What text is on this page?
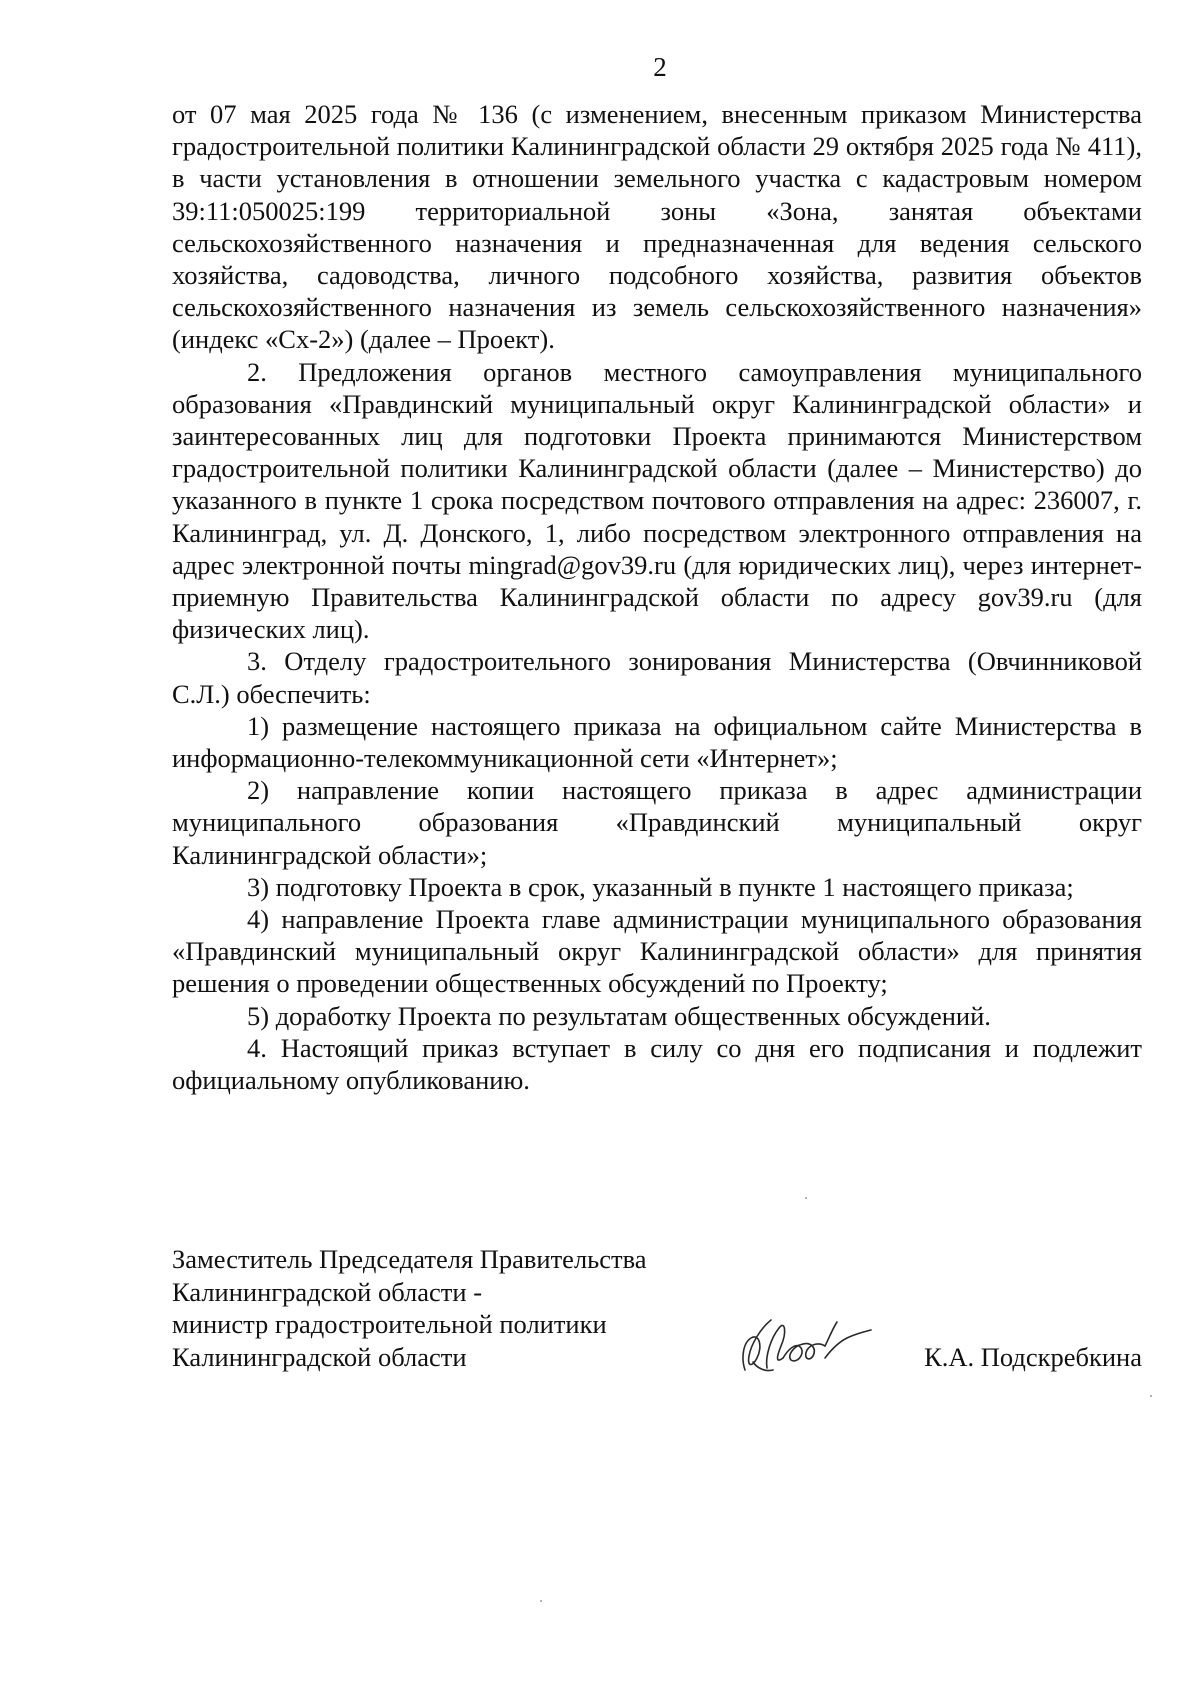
2

от 07 мая 2025 года № 136 (с изменением, внесенным приказом Министерства градостроительной политики Калининградской области 29 октября 2025 года № 411), в части установления в отношении земельного участка с кадастровым номером 39:11:050025:199 территориальной зоны «Зона, занятая объектами сельскохозяйственного назначения и предназначенная для ведения сельского хозяйства, садоводства, личного подсобного хозяйства, развития объектов сельскохозяйственного назначения из земель сельскохозяйственного назначения» (индекс «Сх-2») (далее – Проект).

2. Предложения органов местного самоуправления муниципального образования «Правдинский муниципальный округ Калининградской области» и заинтересованных лиц для подготовки Проекта принимаются Министерством градостроительной политики Калининградской области (далее – Министерство) до указанного в пункте 1 срока посредством почтового отправления на адрес: 236007, г. Калининград, ул. Д. Донского, 1, либо посредством электронного отправления на адрес электронной почты mingrad@gov39.ru (для юридических лиц), через интернет-приемную Правительства Калининградской области по адресу gov39.ru (для физических лиц).

3. Отделу градостроительного зонирования Министерства (Овчинниковой С.Л.) обеспечить:

1) размещение настоящего приказа на официальном сайте Министерства в информационно-телекоммуникационной сети «Интернет»;

2) направление копии настоящего приказа в адрес администрации муниципального образования «Правдинский муниципальный округ Калининградской области»;

3) подготовку Проекта в срок, указанный в пункте 1 настоящего приказа;

4) направление Проекта главе администрации муниципального образования «Правдинский муниципальный округ Калининградской области» для принятия решения о проведении общественных обсуждений по Проекту;

5) доработку Проекта по результатам общественных обсуждений.

4. Настоящий приказ вступает в силу со дня его подписания и подлежит официальному опубликованию.

Заместитель Председателя Правительства
Калининградской области -
министр градостроительной политики
Калининградской области	К.А. Подскребкина
